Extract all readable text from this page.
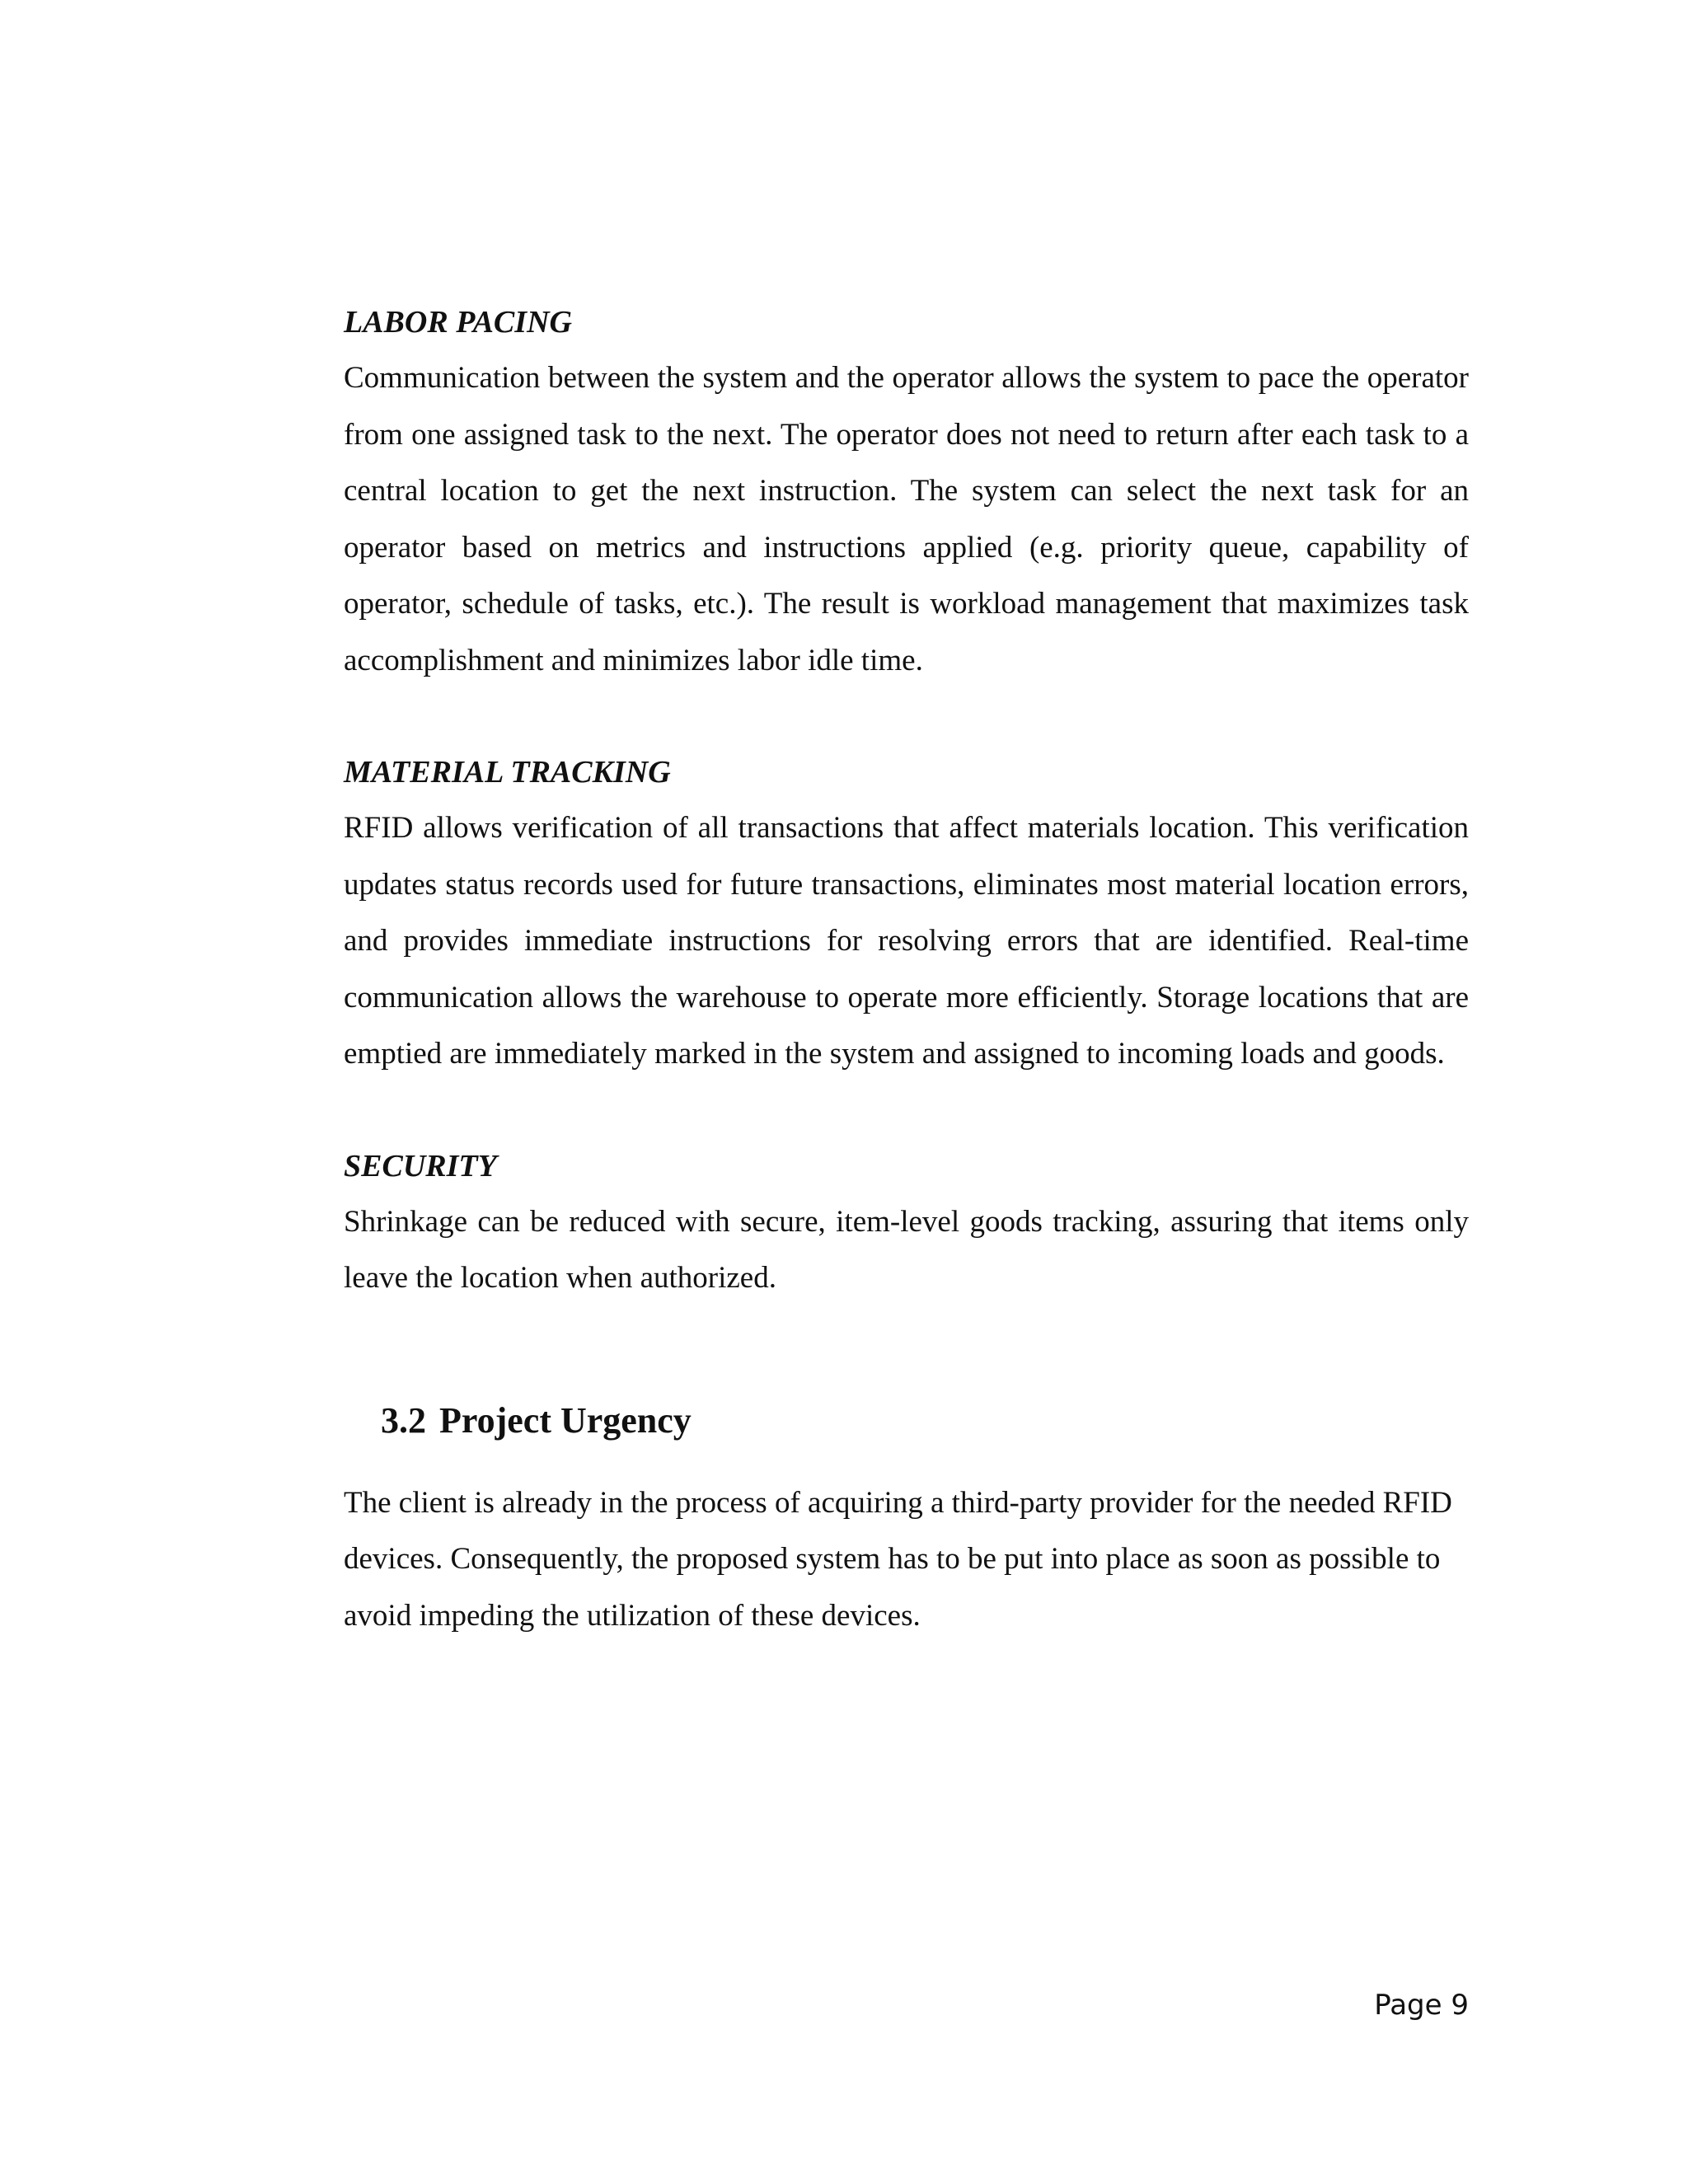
LABOR PACING

Communication between the system and the operator allows the system to pace the operator from one assigned task to the next. The operator does not need to return after each task to a central location to get the next instruction. The system can select the next task for an operator based on metrics and instructions applied (e.g. priority queue, capability of operator, schedule of tasks, etc.). The result is workload management that maximizes task accomplishment and minimizes labor idle time.

MATERIAL TRACKING

RFID allows verification of all transactions that affect materials location. This verification updates status records used for future transactions, eliminates most material location errors, and provides immediate instructions for resolving errors that are identified. Real-time communication allows the warehouse to operate more efficiently. Storage locations that are emptied are immediately marked in the system and assigned to incoming loads and goods.

SECURITY

Shrinkage can be reduced with secure, item-level goods tracking, assuring that items only leave the location when authorized.

3.2 Project Urgency

The client is already in the process of acquiring a third-party provider for the needed RFID devices. Consequently, the proposed system has to be put into place as soon as possible to avoid impeding the utilization of these devices.

Page 9
